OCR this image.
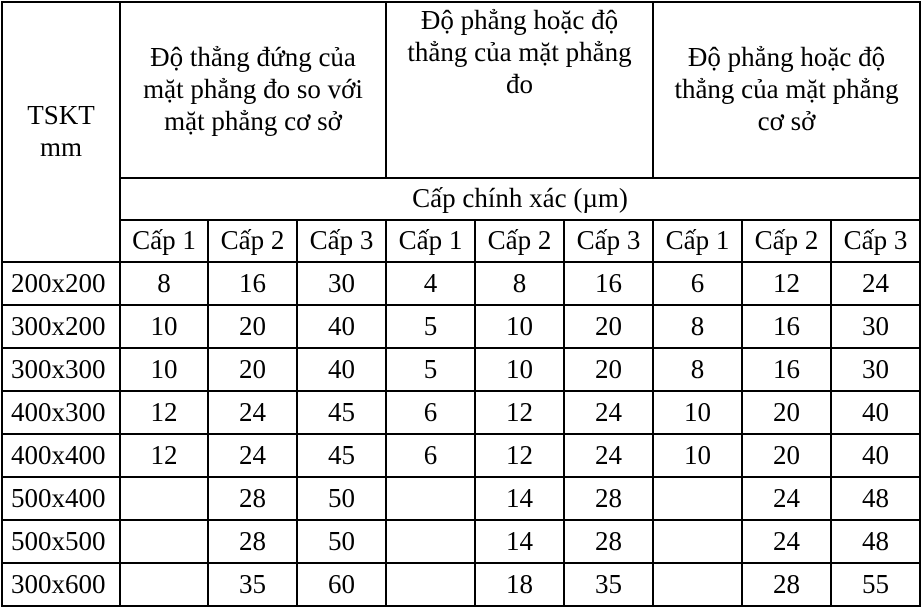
TSKT
mm	Độ thẳng đứng của mặt phẳng đo so với mặt phẳng cơ sở			Độ phẳng hoặc độ thẳng của mặt phẳng đo			Độ phẳng hoặc độ thẳng của mặt phẳng cơ sở		
	Cấp chính xác (µm)								
	Cấp 1	Cấp 2	Cấp 3	Cấp 1	Cấp 2	Cấp 3	Cấp 1	Cấp 2	Cấp 3
200x200	8	16	30	4	8	16	6	12	24
300x200	10	20	40	5	10	20	8	16	30
300x300	10	20	40	5	10	20	8	16	30
400x300	12	24	45	6	12	24	10	20	40
400x400	12	24	45	6	12	24	10	20	40
500x400		28	50		14	28		24	48
500x500		28	50		14	28		24	48
300x600		35	60		18	35		28	55
